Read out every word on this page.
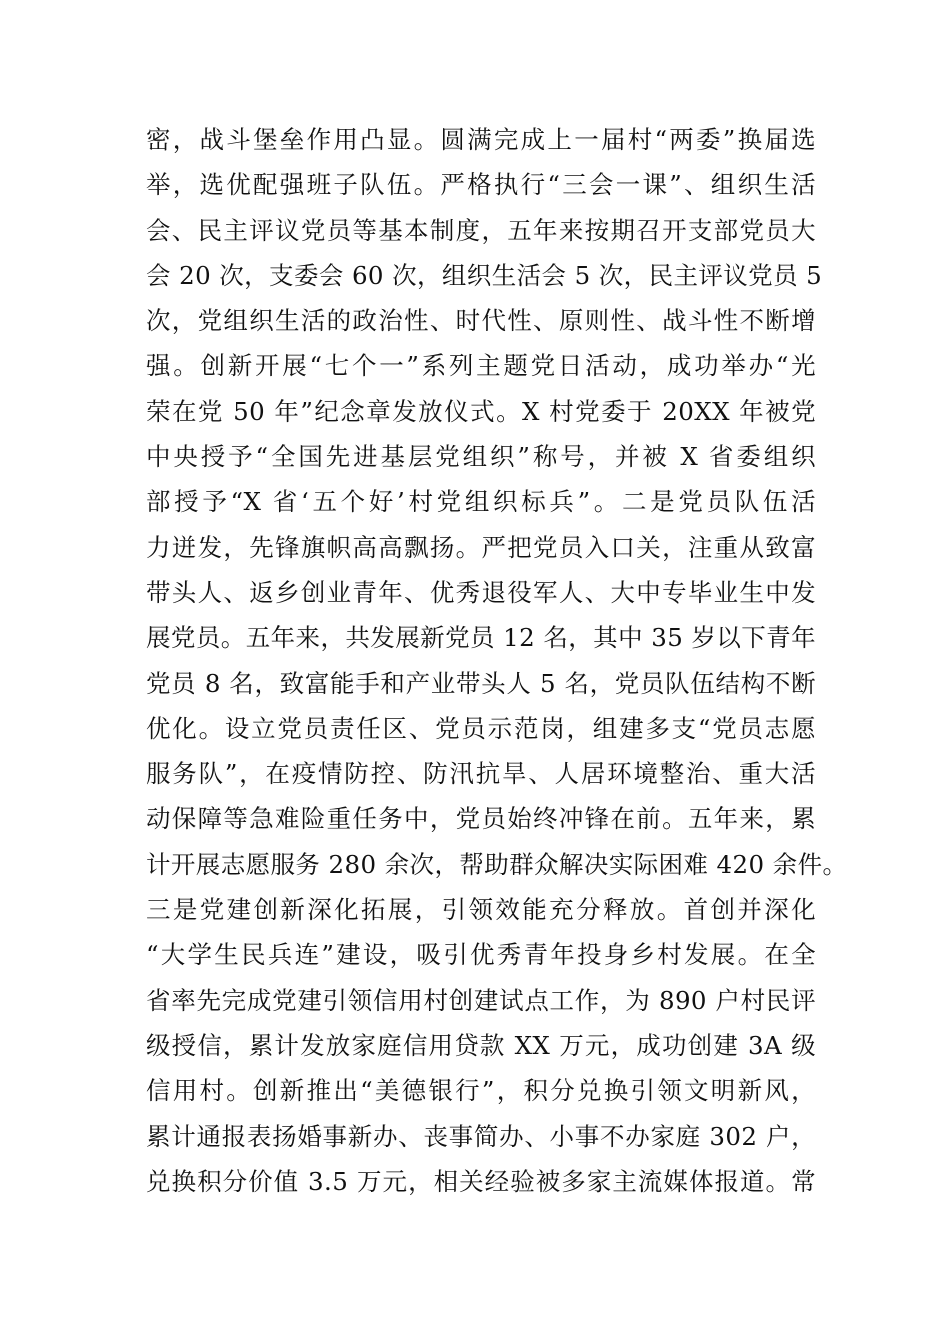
密，战斗堡垒作用凸显。圆满完成上一届村“两委”换届选
举，选优配强班子队伍。严格执行“三会一课”、组织生活
会、民主评议党员等基本制度，五年来按期召开支部党员大
会 20 次，支委会 60 次，组织生活会 5 次，民主评议党员 5
次，党组织生活的政治性、时代性、原则性、战斗性不断增
强。创新开展“七个一”系列主题党日活动，成功举办“光
荣在党 50 年”纪念章发放仪式。X 村党委于 20XX 年被党
中央授予“全国先进基层党组织”称号，并被 X 省委组织
部授予“X 省‘五个好’村党组织标兵”。二是党员队伍活
力迸发，先锋旗帜高高飘扬。严把党员入口关，注重从致富
带头人、返乡创业青年、优秀退役军人、大中专毕业生中发
展党员。五年来，共发展新党员 12 名，其中 35 岁以下青年
党员 8 名，致富能手和产业带头人 5 名，党员队伍结构不断
优化。设立党员责任区、党员示范岗，组建多支“党员志愿
服务队”，在疫情防控、防汛抗旱、人居环境整治、重大活
动保障等急难险重任务中，党员始终冲锋在前。五年来，累
计开展志愿服务 280 余次，帮助群众解决实际困难 420 余件。
三是党建创新深化拓展，引领效能充分释放。首创并深化
“大学生民兵连”建设，吸引优秀青年投身乡村发展。在全
省率先完成党建引领信用村创建试点工作，为 890 户村民评
级授信，累计发放家庭信用贷款 XX 万元，成功创建 3A 级
信用村。创新推出“美德银行”，积分兑换引领文明新风，
累计通报表扬婚事新办、丧事简办、小事不办家庭 302 户，
兑换积分价值 3.5 万元，相关经验被多家主流媒体报道。常
